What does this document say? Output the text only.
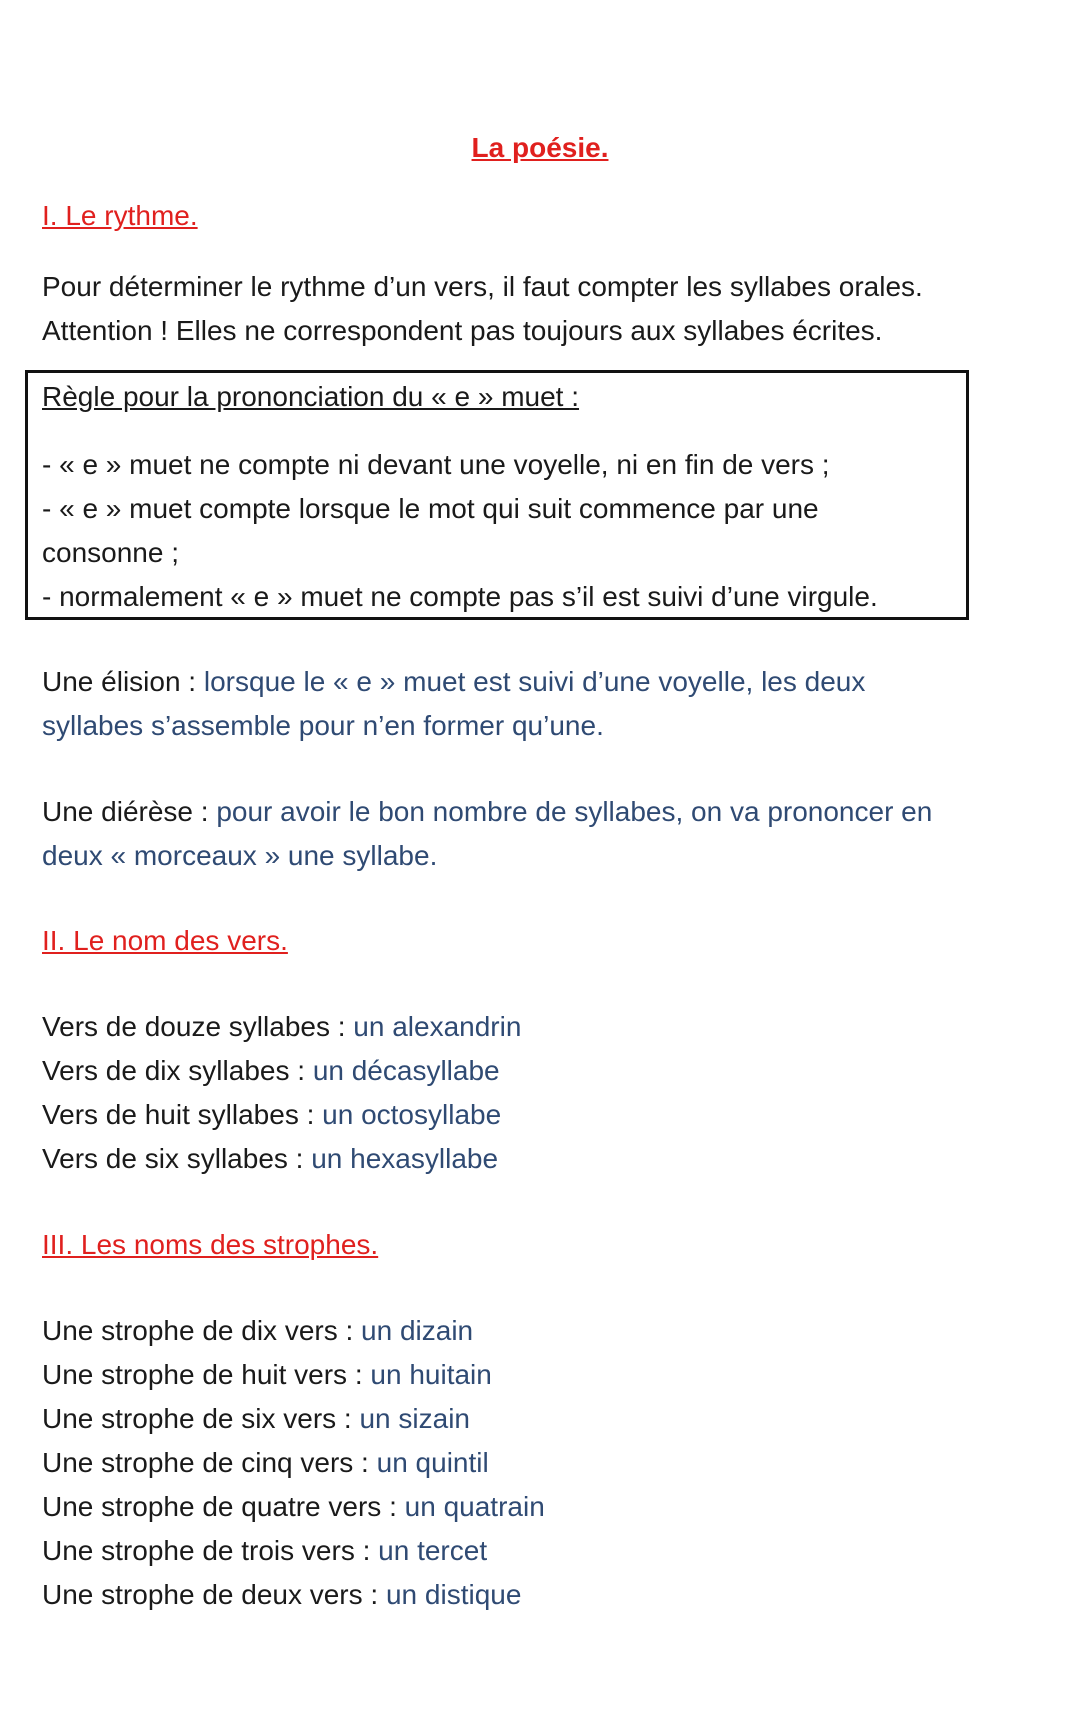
La poésie.
I. Le rythme.
Pour déterminer le rythme d’un vers, il faut compter les syllabes orales.
Attention ! Elles ne correspondent pas toujours aux syllabes écrites.
Règle pour la prononciation du « e » muet :
- « e » muet ne compte ni devant une voyelle, ni en fin de vers ;
- « e » muet compte lorsque le mot qui suit commence par une
consonne ;
- normalement « e » muet ne compte pas s’il est suivi d’une virgule.
Une élision : lorsque le « e » muet est suivi d’une voyelle, les deux
syllabes s’assemble pour n’en former qu’une.
Une diérèse : pour avoir le bon nombre de syllabes, on va prononcer en
deux « morceaux » une syllabe.
II. Le nom des vers.
Vers de douze syllabes : un alexandrin
Vers de dix syllabes : un décasyllabe
Vers de huit syllabes : un octosyllabe
Vers de six syllabes : un hexasyllabe
III. Les noms des strophes.
Une strophe de dix vers : un dizain
Une strophe de huit vers : un huitain
Une strophe de six vers : un sizain
Une strophe de cinq vers : un quintil
Une strophe de quatre vers : un quatrain
Une strophe de trois vers : un tercet
Une strophe de deux vers : un distique
